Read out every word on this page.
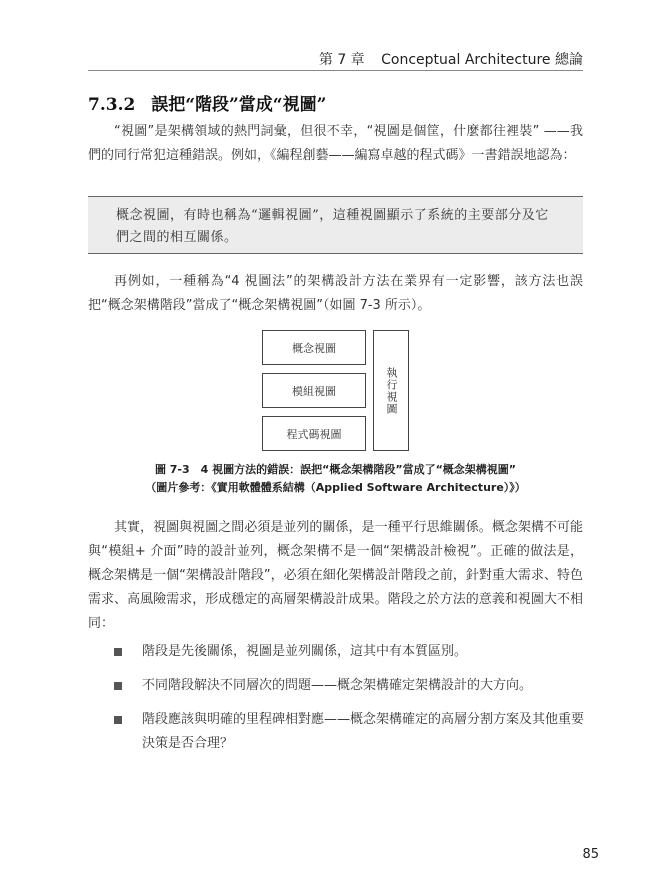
第 7 章 Conceptual Architecture 總論
7.3.2 誤把“階段”當成“視圖”
“視圖”是架構領域的熱門詞彙，但很不幸，“視圖是個筐，什麼都往裡裝” ——我們的同行常犯這種錯誤。例如，《編程創藝——編寫卓越的程式碼》一書錯誤地認為：
概念視圖，有時也稱為“邏輯視圖”，這種視圖顯示了系統的主要部分及它們之間的相互關係。
再例如，一種稱為“4 視圖法”的架構設計方法在業界有一定影響，該方法也誤把“概念架構階段”當成了“概念架構視圖”（如圖 7-3 所示）。
概念視圖
模組視圖
程式碼視圖
執行視圖
圖 7-3　4 視圖方法的錯誤：誤把“概念架構階段”當成了“概念架構視圖”
（圖片參考：《實用軟體體系結構（Applied Software Architecture）》）
其實，視圖與視圖之間必須是並列的關係，是一種平行思維關係。概念架構不可能與“模組+ 介面”時的設計並列，概念架構不是一個“架構設計檢視”。正確的做法是，概念架構是一個“架構設計階段”，必須在細化架構設計階段之前，針對重大需求、特色需求、高風險需求，形成穩定的高層架構設計成果。階段之於方法的意義和視圖大不相同：
階段是先後關係，視圖是並列關係，這其中有本質區別。
不同階段解決不同層次的問題——概念架構確定架構設計的大方向。
階段應該與明確的里程碑相對應——概念架構確定的高層分割方案及其他重要決策是否合理？
85
